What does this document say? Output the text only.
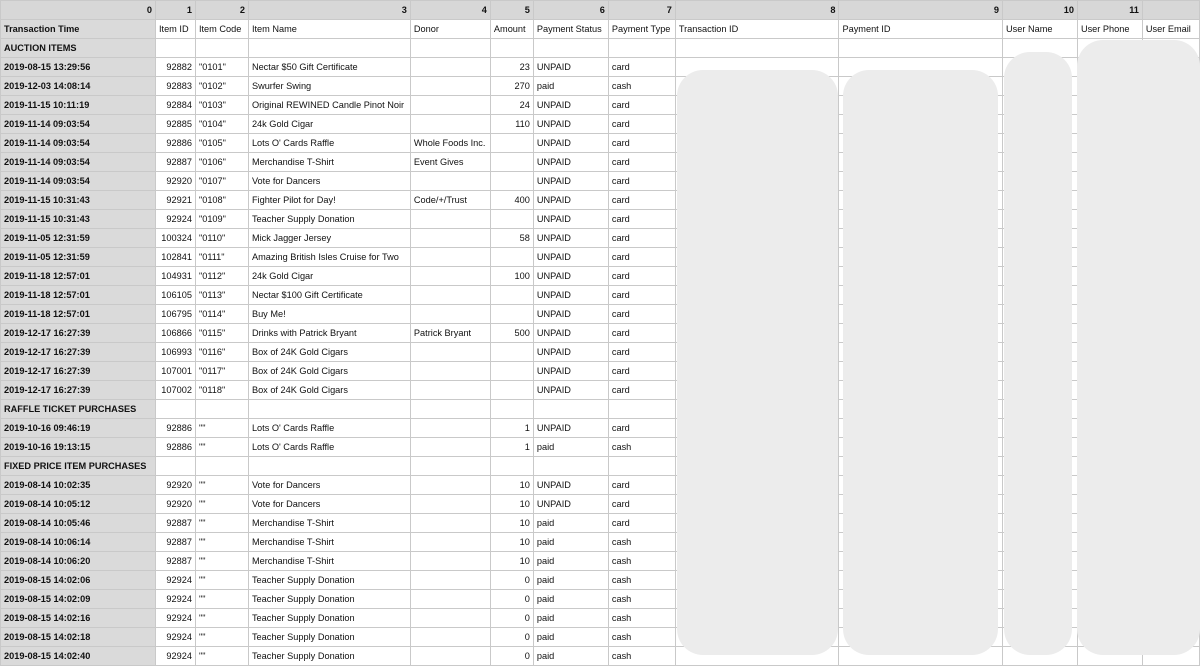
0	1	2	3	4	5	6	7	8	9	10	11	
Transaction Time	Item ID	Item Code	Item Name	Donor	Amount	Payment Status	Payment Type	Transaction ID	Payment ID	User Name	User Phone	User Email
AUCTION ITEMS												
2019-08-15 13:29:56	92882	"0101"	Nectar $50 Gift Certificate		23	UNPAID	card					
2019-12-03 14:08:14	92883	"0102"	Swurfer Swing		270	paid	cash					
2019-11-15 10:11:19	92884	"0103"	Original REWINED Candle Pinot Noir		24	UNPAID	card					
2019-11-14 09:03:54	92885	"0104"	24k Gold Cigar		110	UNPAID	card					
2019-11-14 09:03:54	92886	"0105"	Lots O' Cards Raffle	Whole Foods Inc.		UNPAID	card					
2019-11-14 09:03:54	92887	"0106"	Merchandise T-Shirt	Event Gives		UNPAID	card					
2019-11-14 09:03:54	92920	"0107"	Vote for Dancers			UNPAID	card					
2019-11-15 10:31:43	92921	"0108"	Fighter Pilot for Day!	Code/+/Trust	400	UNPAID	card					
2019-11-15 10:31:43	92924	"0109"	Teacher Supply Donation			UNPAID	card					
2019-11-05 12:31:59	100324	"0110"	Mick Jagger Jersey		58	UNPAID	card					
2019-11-05 12:31:59	102841	"0111"	Amazing British Isles Cruise for Two			UNPAID	card					
2019-11-18 12:57:01	104931	"0112"	24k Gold Cigar		100	UNPAID	card					
2019-11-18 12:57:01	106105	"0113"	Nectar $100 Gift Certificate			UNPAID	card					
2019-11-18 12:57:01	106795	"0114"	Buy Me!			UNPAID	card					
2019-12-17 16:27:39	106866	"0115"	Drinks with Patrick Bryant	Patrick Bryant	500	UNPAID	card					
2019-12-17 16:27:39	106993	"0116"	Box of 24K Gold Cigars			UNPAID	card					
2019-12-17 16:27:39	107001	"0117"	Box of 24K Gold Cigars			UNPAID	card					
2019-12-17 16:27:39	107002	"0118"	Box of 24K Gold Cigars			UNPAID	card					
RAFFLE TICKET PURCHASES												
2019-10-16 09:46:19	92886	""	Lots O' Cards Raffle		1	UNPAID	card					
2019-10-16 19:13:15	92886	""	Lots O' Cards Raffle		1	paid	cash					
FIXED PRICE ITEM PURCHASES												
2019-08-14 10:02:35	92920	""	Vote for Dancers		10	UNPAID	card					
2019-08-14 10:05:12	92920	""	Vote for Dancers		10	UNPAID	card					
2019-08-14 10:05:46	92887	""	Merchandise T-Shirt		10	paid	card					
2019-08-14 10:06:14	92887	""	Merchandise T-Shirt		10	paid	cash					
2019-08-14 10:06:20	92887	""	Merchandise T-Shirt		10	paid	cash					
2019-08-15 14:02:06	92924	""	Teacher Supply Donation		0	paid	cash					
2019-08-15 14:02:09	92924	""	Teacher Supply Donation		0	paid	cash					
2019-08-15 14:02:16	92924	""	Teacher Supply Donation		0	paid	cash					
2019-08-15 14:02:18	92924	""	Teacher Supply Donation		0	paid	cash					
2019-08-15 14:02:40	92924	""	Teacher Supply Donation		0	paid	cash					
